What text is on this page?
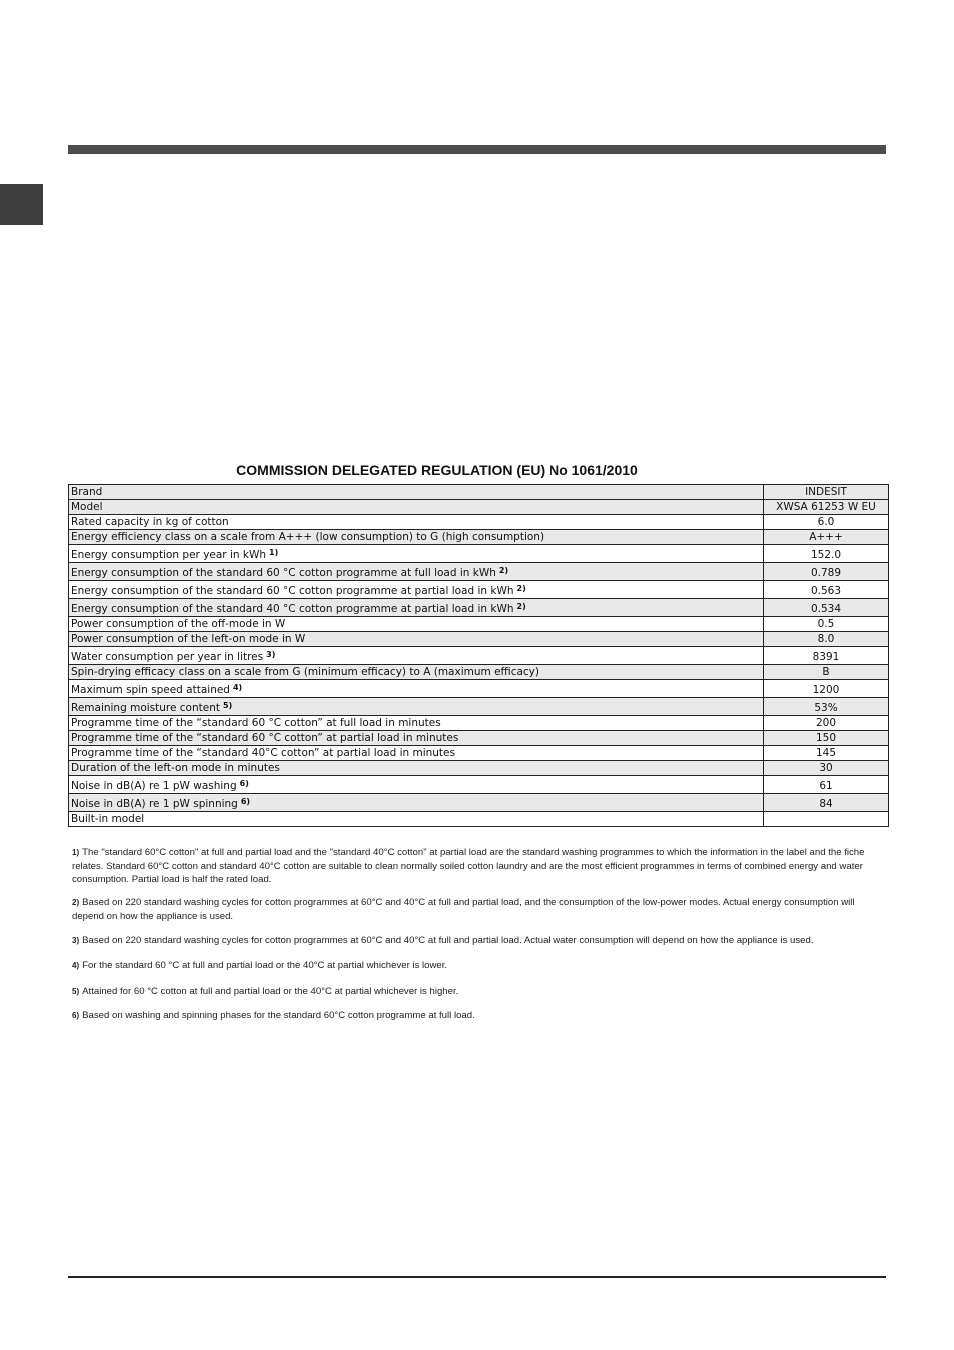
COMMISSION DELEGATED REGULATION (EU) No 1061/2010
Brand	INDESIT
Model	XWSA 61253 W EU
Rated capacity in kg of cotton	6.0
Energy efficiency class on a scale from A+++ (low consumption) to G (high consumption)	A+++
Energy consumption per year in kWh $^{1)}$	152.0
Energy consumption of the standard 60 °C cotton programme at full load in kWh $^{2)}$	0.789
Energy consumption of the standard 60 °C cotton programme at partial load in kWh $^{2)}$	0.563
Energy consumption of the standard 40 °C cotton programme at partial load in kWh $^{2)}$	0.534
Power consumption of the off-mode in W	0.5
Power consumption of the left-on mode in W	8.0
Water consumption per year in litres $^{3)}$	8391
Spin-drying efficacy class on a scale from G (minimum efficacy) to A (maximum efficacy)	B
Maximum spin speed attained $^{4)}$	1200
Remaining moisture content $^{5)}$	53%
Programme time of the “standard 60 °C cotton” at full load in minutes	200
Programme time of the “standard 60 °C cotton” at partial load in minutes	150
Programme time of the “standard 40°C cotton” at partial load in minutes	145
Duration of the left-on mode in minutes	30
Noise in dB(A) re 1 pW washing $^{6)}$	61
Noise in dB(A) re 1 pW spinning $^{6)}$	84
Built-in model	
$^{1)}$ The "standard 60°C cotton" at full and partial load and the "standard 40°C cotton" at partial load are the standard washing programmes to which the information in the label and the fiche relates. Standard 60°C cotton and standard 40°C cotton are suitable to clean normally soiled cotton laundry and are the most efficient programmes in terms of combined energy and water consumption. Partial load is half the rated load.
$^{2)}$ Based on 220 standard washing cycles for cotton programmes at 60°C and 40°C at full and partial load, and the consumption of the low-power modes. Actual energy consumption will depend on how the appliance is used.
$^{3)}$ Based on 220 standard washing cycles for cotton programmes at 60°C and 40°C at full and partial load. Actual water consumption will depend on how the appliance is used.
$^{4)}$ For the standard 60 °C at full and partial load or the 40°C at partial whichever is lower.
$^{5)}$ Attained for 60 °C cotton at full and partial load or the 40°C at partial whichever is higher.
$^{6)}$ Based on washing and spinning phases for the standard 60°C cotton programme at full load.
